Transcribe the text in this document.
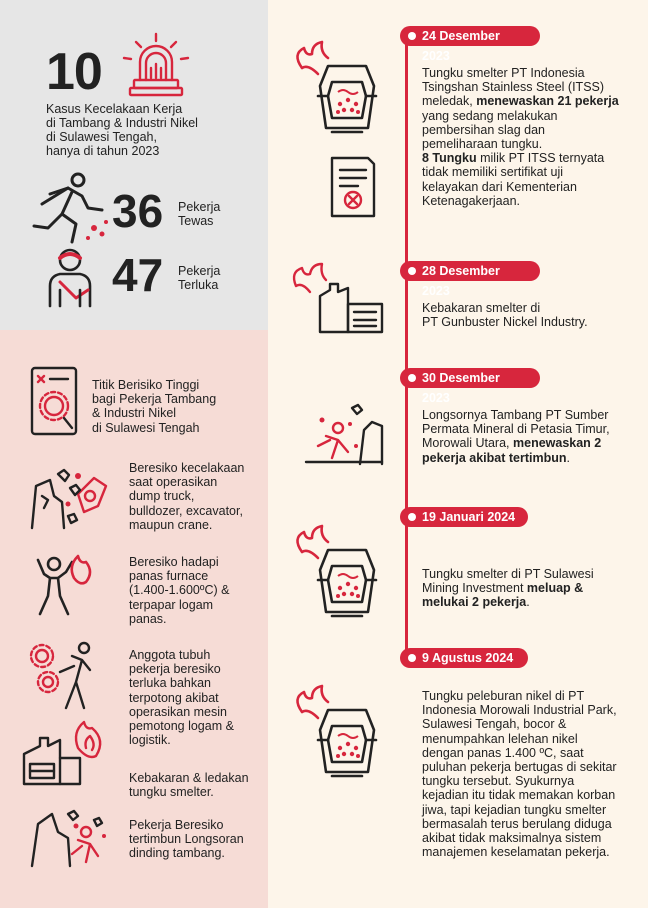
10
Kasus Kecelakaan Kerja
di Tambang & Industri Nikel
di Sulawesi Tengah,
hanya di tahun 2023
36 Pekerja
Tewas
47 Pekerja
Terluka
Titik Berisiko Tinggi
bagi Pekerja Tambang
& Industri Nikel
di Sulawesi Tengah
Beresiko kecelakaan
saat operasikan
dump truck,
bulldozer, excavator,
maupun crane.
Beresiko hadapi
panas furnace
(1.400-1.600ºC) &
terpapar logam
panas.
Anggota tubuh
pekerja beresiko
terluka bahkan
terpotong akibat
operasikan mesin
pemotong logam &
logistik.
Kebakaran & ledakan
tungku smelter.
Pekerja Beresiko
tertimbun Longsoran
dinding tambang.
24 Desember 2023
Tungku smelter PT Indonesia
Tsingshan Stainless Steel (ITSS)
meledak, menewaskan 21 pekerja
yang sedang melakukan
pembersihan slag dan
pemeliharaan tungku.
8 Tungku milik PT ITSS ternyata
tidak memiliki sertifikat uji
kelayakan dari Kementerian
Ketenagakerjaan.
28 Desember 2023
Kebakaran smelter di
PT Gunbuster Nickel Industry.
30 Desember 2023
Longsornya Tambang PT Sumber
Permata Mineral di Petasia Timur,
Morowali Utara, menewaskan 2
pekerja akibat tertimbun.
19 Januari 2024
Tungku smelter di PT Sulawesi
Mining Investment meluap &
melukai 2 pekerja.
9 Agustus 2024
Tungku peleburan nikel di PT
Indonesia Morowali Industrial Park,
Sulawesi Tengah, bocor &
menumpahkan lelehan nikel
dengan panas 1.400 ºC, saat
puluhan pekerja bertugas di sekitar
tungku tersebut. Syukurnya
kejadian itu tidak memakan korban
jiwa, tapi kejadian tungku smelter
bermasalah terus berulang diduga
akibat tidak maksimalnya sistem
manajemen keselamatan pekerja.
